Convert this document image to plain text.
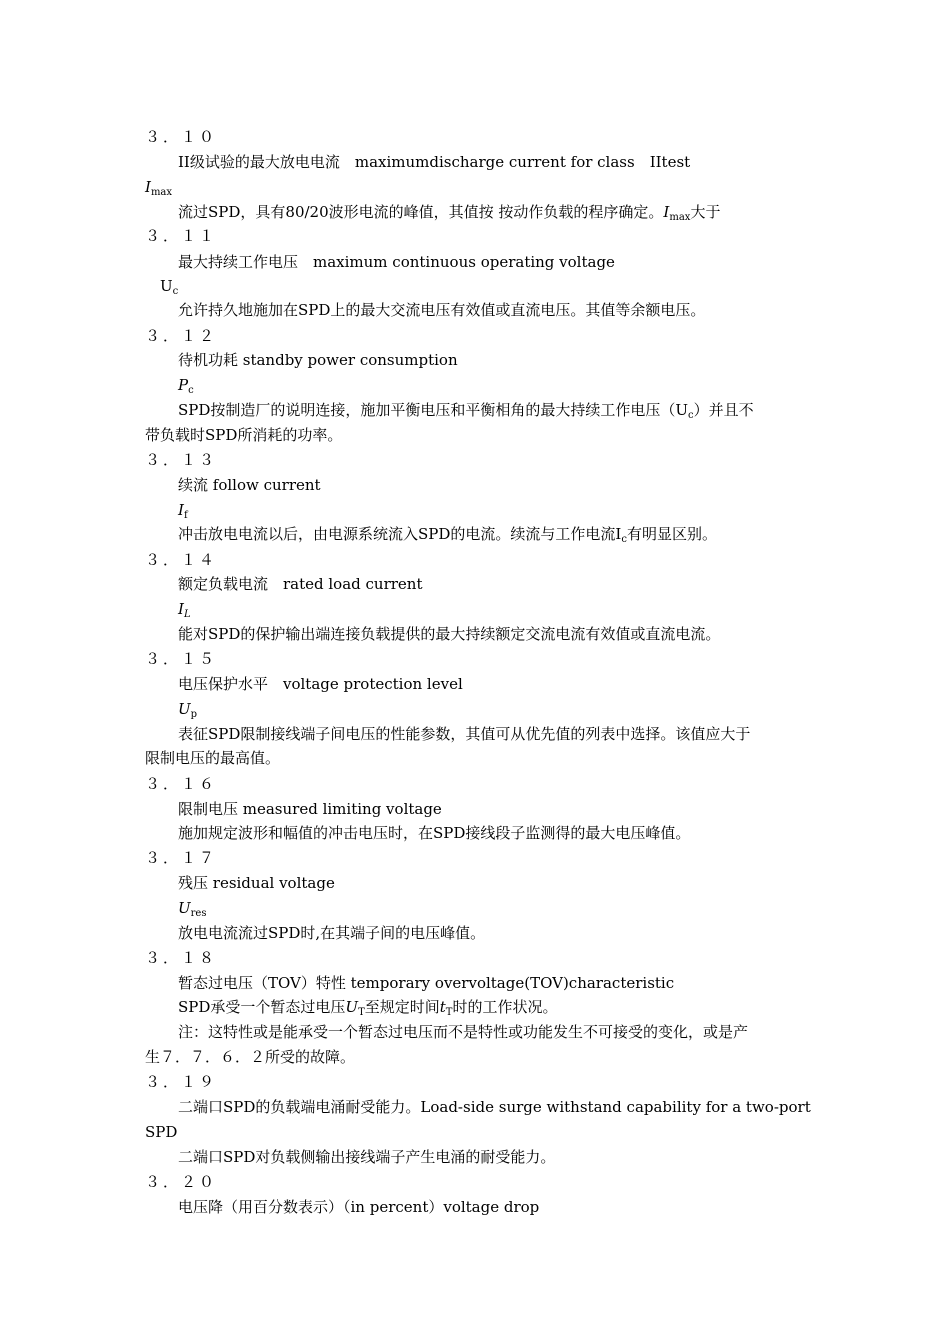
３．１０
II级试验的最大放电电流　maximumdischarge current for class　IItest
$I_{max}$
流过SPD，具有80/20波形电流的峰值，其值按 按动作负载的程序确定。$I_{max}$大于
３．１１
最大持续工作电压　maximum continuous operating voltage
$U_c$
允许持久地施加在SPD上的最大交流电压有效值或直流电压。其值等余额电压。
３．１２
待机功耗 standby power consumption
$P_c$
SPD按制造厂的说明连接，施加平衡电压和平衡相角的最大持续工作电压$(U_c)$并且不
带负载时SPD所消耗的功率。
３．１３
续流 follow current
$I_f$
冲击放电电流以后，由电源系统流入SPD的电流。续流与工作电流$I_c$有明显区别。
３．１４
额定负载电流　rated load current
$I_L$
能对SPD的保护输出端连接负载提供的最大持续额定交流电流有效值或直流电流。
３．１５
电压保护水平　voltage protection level
$U_p$
表征SPD限制接线端子间电压的性能参数，其值可从优先值的列表中选择。该值应大于
限制电压的最高值。
３．１６
限制电压 measured limiting voltage
施加规定波形和幅值的冲击电压时，在SPD接线段子监测得的最大电压峰值。
３．１７
残压 residual voltage
$U_{res}$
放电电流流过SPD时,在其端子间的电压峰值。
３．１８
暂态过电压（TOV）特性 temporary overvoltage(TOV)characteristic
SPD承受一个暂态过电压$U_T$至规定时间$t_T$时的工作状况。
注：这特性或是能承受一个暂态过电压而不是特性或功能发生不可接受的变化，或是产
生７．７．６．２所受的故障。
３．１９
二端口SPD的负载端电涌耐受能力。Load-side surge withstand capability for a two-port
SPD
二端口SPD对负载侧输出接线端子产生电涌的耐受能力。
３．２０
电压降（用百分数表示）（in percent）voltage drop
